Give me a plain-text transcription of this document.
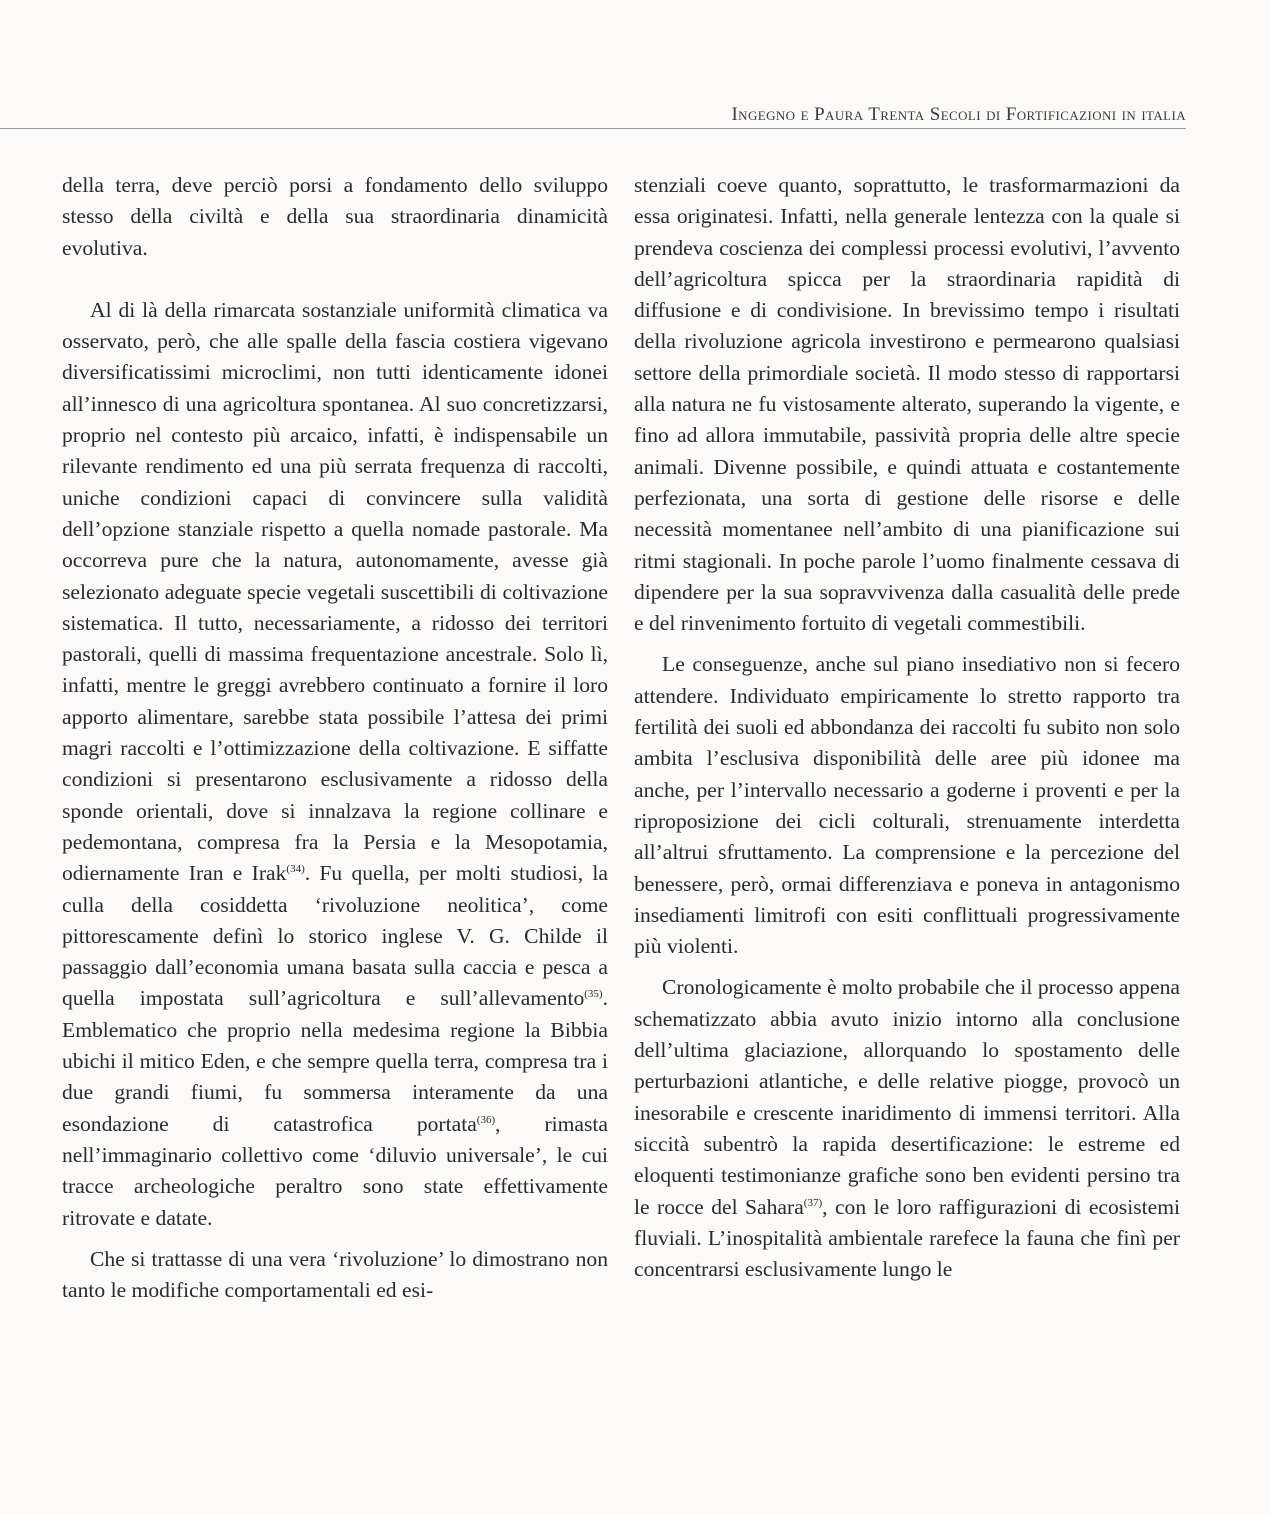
Ingegno e Paura Trenta Secoli di Fortificazioni in italia

della terra, deve perciò porsi a fondamento dello sviluppo stesso della civiltà e della sua straordinaria dinamicità evolutiva.

Al di là della rimarcata sostanziale uniformità climatica va osservato, però, che alle spalle della fascia costiera vigevano diversificatissimi microclimi, non tutti identicamente idonei all’innesco di una agricoltura spontanea. Al suo concretizzarsi, proprio nel contesto più arcaico, infatti, è indispensabile un rilevante rendimento ed una più serrata frequenza di raccolti, uniche condizioni capaci di convincere sulla validità dell’opzione stanziale rispetto a quella nomade pastorale. Ma occorreva pure che la natura, autonomamente, avesse già selezionato adeguate specie vegetali suscettibili di coltivazione sistematica. Il tutto, necessariamente, a ridosso dei territori pastorali, quelli di massima frequentazione ancestrale. Solo lì, infatti, mentre le greggi avrebbero continuato a fornire il loro apporto alimentare, sarebbe stata possibile l’attesa dei primi magri raccolti e l’ottimizzazione della coltivazione. E siffatte condizioni si presentarono esclusivamente a ridosso della sponde orientali, dove si innalzava la regione collinare e pedemontana, compresa fra la Persia e la Mesopotamia, odiernamente Iran e Irak$^{(34)}$. Fu quella, per molti studiosi, la culla della cosiddetta ‘rivoluzione neolitica’, come pittorescamente definì lo storico inglese V. G. Childe il passaggio dall’economia umana basata sulla caccia e pesca a quella impostata sull’agricoltura e sull’allevamento$^{(35)}$. Emblematico che proprio nella medesima regione la Bibbia ubichi il mitico Eden, e che sempre quella terra, compresa tra i due grandi fiumi, fu sommersa interamente da una esondazione di catastrofica portata$^{(36)}$, rimasta nell’immaginario collettivo come ‘diluvio universale’, le cui tracce archeologiche peraltro sono state effettivamente ritrovate e datate.

Che si trattasse di una vera ‘rivoluzione’ lo dimostrano non tanto le modifiche comportamentali ed esi-

stenziali coeve quanto, soprattutto, le trasformarmazioni da essa originatesi. Infatti, nella generale lentezza con la quale si prendeva coscienza dei complessi processi evolutivi, l’avvento dell’agricoltura spicca per la straordinaria rapidità di diffusione e di condivisione. In brevissimo tempo i risultati della rivoluzione agricola investirono e permearono qualsiasi settore della primordiale società. Il modo stesso di rapportarsi alla natura ne fu vistosamente alterato, superando la vigente, e fino ad allora immutabile, passività propria delle altre specie animali. Divenne possibile, e quindi attuata e costantemente perfezionata, una sorta di gestione delle risorse e delle necessità momentanee nell’ambito di una pianificazione sui ritmi stagionali. In poche parole l’uomo finalmente cessava di dipendere per la sua sopravvivenza dalla casualità delle prede e del rinvenimento fortuito di vegetali commestibili.

Le conseguenze, anche sul piano insediativo non si fecero attendere. Individuato empiricamente lo stretto rapporto tra fertilità dei suoli ed abbondanza dei raccolti fu subito non solo ambita l’esclusiva disponibilità delle aree più idonee ma anche, per l’intervallo necessario a goderne i proventi e per la riproposizione dei cicli colturali, strenuamente interdetta all’altrui sfruttamento. La comprensione e la percezione del benessere, però, ormai differenziava e poneva in antagonismo insediamenti limitrofi con esiti conflittuali progressivamente più violenti.

Cronologicamente è molto probabile che il processo appena schematizzato abbia avuto inizio intorno alla conclusione dell’ultima glaciazione, allorquando lo spostamento delle perturbazioni atlantiche, e delle relative piogge, provocò un inesorabile e crescente inaridimento di immensi territori. Alla siccità subentrò la rapida desertificazione: le estreme ed eloquenti testimonianze grafiche sono ben evidenti persino tra le rocce del Sahara$^{(37)}$, con le loro raffigurazioni di ecosistemi fluviali. L’inospitalità ambientale rarefece la fauna che finì per concentrarsi esclusivamente lungo le
